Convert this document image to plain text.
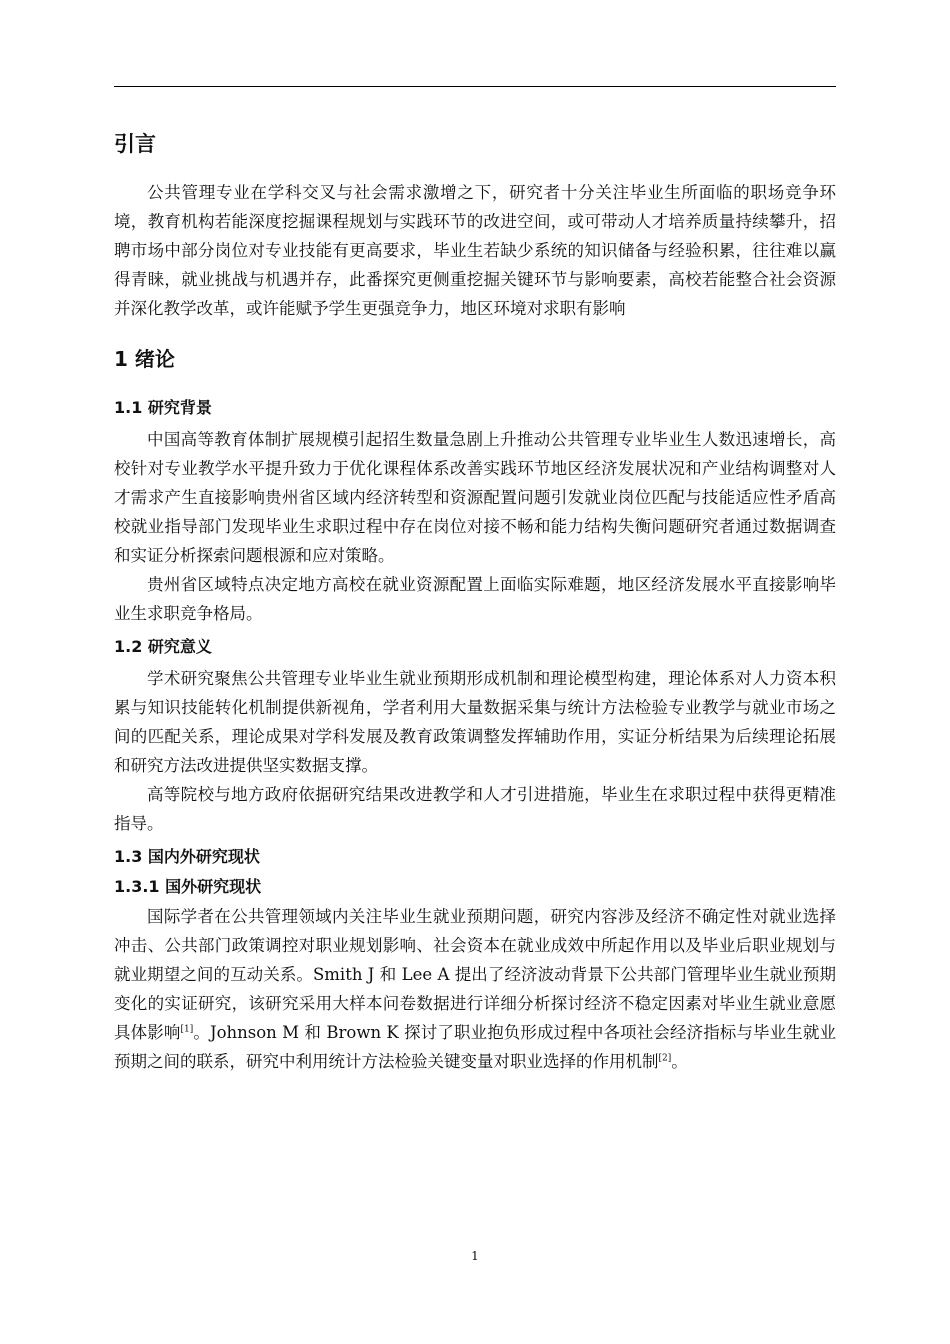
引言

公共管理专业在学科交叉与社会需求激增之下，研究者十分关注毕业生所面临的职场竞争环境，教育机构若能深度挖掘课程规划与实践环节的改进空间，或可带动人才培养质量持续攀升，招聘市场中部分岗位对专业技能有更高要求，毕业生若缺少系统的知识储备与经验积累，往往难以赢得青睐，就业挑战与机遇并存，此番探究更侧重挖掘关键环节与影响要素，高校若能整合社会资源并深化教学改革，或许能赋予学生更强竞争力，地区环境对求职有影响

1 绪论
1.1 研究背景

中国高等教育体制扩展规模引起招生数量急剧上升推动公共管理专业毕业生人数迅速增长，高校针对专业教学水平提升致力于优化课程体系改善实践环节地区经济发展状况和产业结构调整对人才需求产生直接影响贵州省区域内经济转型和资源配置问题引发就业岗位匹配与技能适应性矛盾高校就业指导部门发现毕业生求职过程中存在岗位对接不畅和能力结构失衡问题研究者通过数据调查和实证分析探索问题根源和应对策略。

贵州省区域特点决定地方高校在就业资源配置上面临实际难题，地区经济发展水平直接影响毕业生求职竞争格局。

1.2 研究意义

学术研究聚焦公共管理专业毕业生就业预期形成机制和理论模型构建，理论体系对人力资本积累与知识技能转化机制提供新视角，学者利用大量数据采集与统计方法检验专业教学与就业市场之间的匹配关系，理论成果对学科发展及教育政策调整发挥辅助作用，实证分析结果为后续理论拓展和研究方法改进提供坚实数据支撑。

高等院校与地方政府依据研究结果改进教学和人才引进措施，毕业生在求职过程中获得更精准指导。

1.3 国内外研究现状
1.3.1 国外研究现状

国际学者在公共管理领域内关注毕业生就业预期问题，研究内容涉及经济不确定性对就业选择冲击、公共部门政策调控对职业规划影响、社会资本在就业成效中所起作用以及毕业后职业规划与就业期望之间的互动关系。Smith J 和 Lee A 提出了经济波动背景下公共部门管理毕业生就业预期变化的实证研究，该研究采用大样本问卷数据进行详细分析探讨经济不稳定因素对毕业生就业意愿具体影响[1]。Johnson M 和 Brown K 探讨了职业抱负形成过程中各项社会经济指标与毕业生就业预期之间的联系，研究中利用统计方法检验关键变量对职业选择的作用机制[2]。

1
